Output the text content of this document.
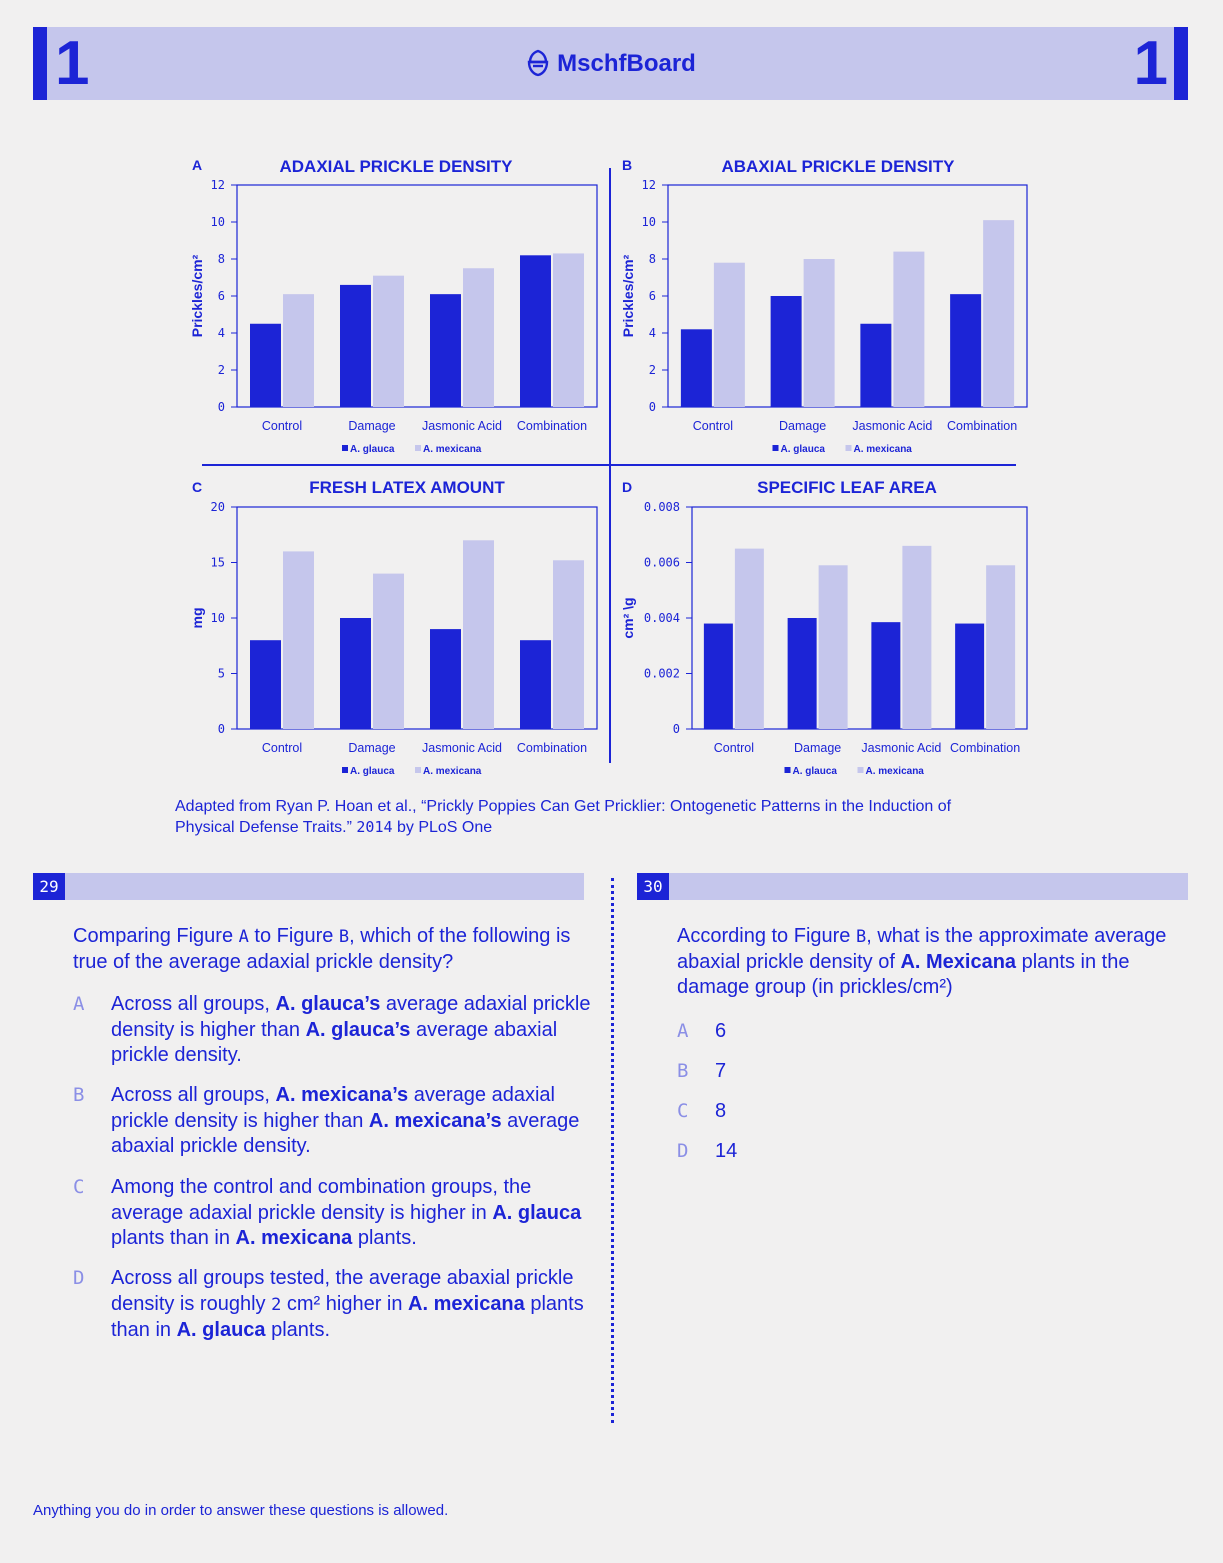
1	MschfBoard	1
A	ADAXIAL PRICKLE DENSITY	B	ABAXIAL PRICKLE DENSITY
C	FRESH LATEX AMOUNT	D	SPECIFIC LEAF AREA
0
2
4
6
8
10
12
Prickles/cm²
Control	Damage Jasmonic Acid Combination
A. glauca	A. mexicana
0
2
4
6
8
10
12
Prickles/cm²
Control	Damage Jasmonic Acid Combination
A. glauca	A. mexicana
0
5
10
15
20
mg
Control	Damage Jasmonic Acid Combination
A. glauca	A. mexicana
0
0.002
0.004
0.006
0.008
cm² \g
Control	Damage Jasmonic Acid Combination
A. glauca	A. mexicana
Adapted from Ryan P. Hoan et al., “Prickly Poppies Can Get Pricklier: Ontogenetic Patterns in the Induction of
Physical Defense Traits.” 2014 by PLoS One
29
Comparing Figure A to Figure B, which of the following is true of the average adaxial prickle density?
A Across all groups, A. glauca’s average adaxial prickle density is higher than A. glauca’s average abaxial prickle density.
B Across all groups, A. mexicana’s average adaxial prickle density is higher than A. mexicana’s average abaxial prickle density.
C Among the control and combination groups, the average adaxial prickle density is higher in A. glauca plants than in A. mexicana plants.
D Across all groups tested, the average abaxial prickle density is roughly 2 cm² higher in A. mexicana plants than in A. glauca plants.
30
According to Figure B, what is the approximate average abaxial prickle density of A. Mexicana plants in the damage group (in prickles/cm²)
A 6
B 7
C 8
D 14
Anything you do in order to answer these questions is allowed.
